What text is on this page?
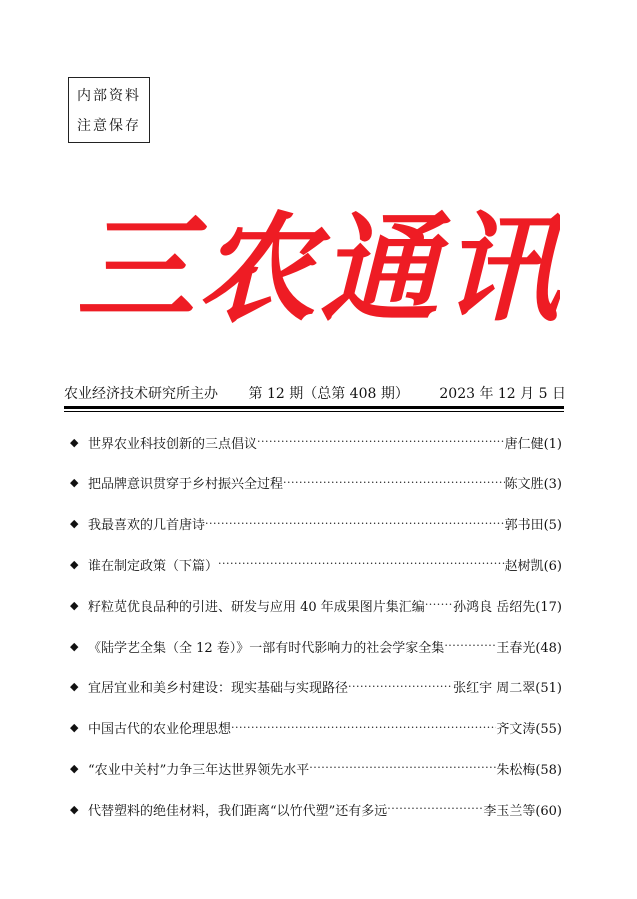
内部资料
注意保存
三农通讯
农业经济技术研究所主办 第 12 期（总第 408 期） 2023 年 12 月 5 日
◆ 世界农业科技创新的三点倡议 ·····	唐仁健(1)
◆ 把品牌意识贯穿于乡村振兴全过程 ·····	陈文胜(3)
◆ 我最喜欢的几首唐诗 ·····	郭书田(5)
◆ 谁在制定政策（下篇） ·····	赵树凯(6)
◆ 籽粒苋优良品种的引进、研发与应用 40 年成果图片集汇编 ····· 孙鸿良 岳绍先(17)
◆ 《陆学艺全集（全 12 卷）》一部有时代影响力的社会学家全集 ·····	王春光(48)
◆ 宜居宜业和美乡村建设：现实基础与实现路径 ·····	张红宇 周二翠(51)
◆ 中国古代的农业伦理思想 ·····	齐文涛(55)
◆ “农业中关村”力争三年达世界领先水平 ·····	朱松梅(58)
◆ 代替塑料的绝佳材料，我们距离“以竹代塑”还有多远 ·····	李玉兰等(60)
